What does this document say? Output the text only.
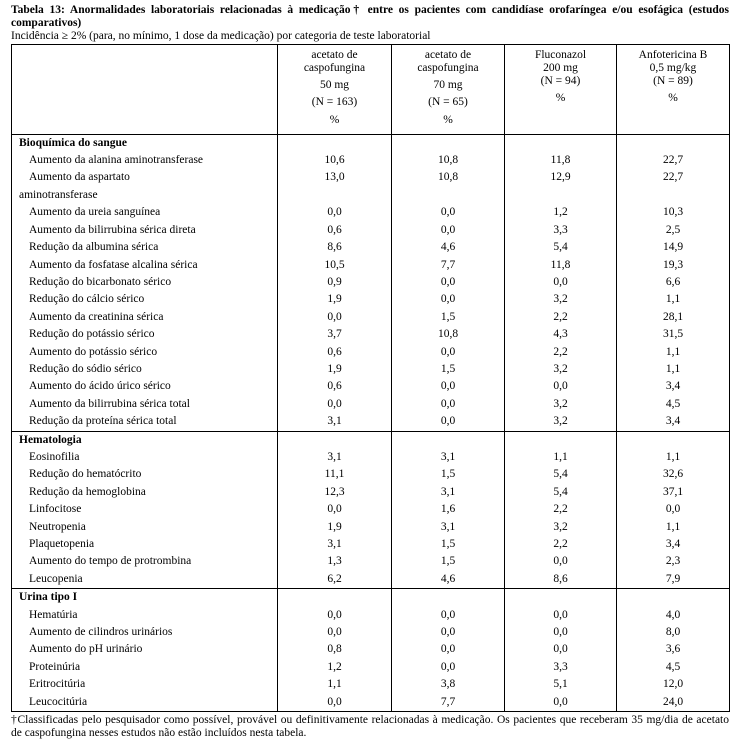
Tabela 13: Anormalidades laboratoriais relacionadas à medicação† entre os pacientes com candidíase orofaríngea e/ou esofágica (estudos comparativos)

Incidência ≥ 2% (para, no mínimo, 1 dose da medicação) por categoria de teste laboratorial

	acetato de
caspofungina
50 mg
(N = 163)
%	acetato de
caspofungina
70 mg
(N = 65)
%	Fluconazol
200 mg
(N = 94)
%	Anfotericina B
0,5 mg/kg
(N = 89)
%

Bioquímica do sangue				
Aumento da alanina aminotransferase	10,6	10,8	11,8	22,7
Aumento da aspartato
aminotransferase	13,0	10,8	12,9	22,7
Aumento da ureia sanguínea	0,0	0,0	1,2	10,3
Aumento da bilirrubina sérica direta	0,6	0,0	3,3	2,5
Redução da albumina sérica	8,6	4,6	5,4	14,9
Aumento da fosfatase alcalina sérica	10,5	7,7	11,8	19,3
Redução do bicarbonato sérico	0,9	0,0	0,0	6,6
Redução do cálcio sérico	1,9	0,0	3,2	1,1
Aumento da creatinina sérica	0,0	1,5	2,2	28,1
Redução do potássio sérico	3,7	10,8	4,3	31,5
Aumento do potássio sérico	0,6	0,0	2,2	1,1
Redução do sódio sérico	1,9	1,5	3,2	1,1
Aumento do ácido úrico sérico	0,6	0,0	0,0	3,4
Aumento da bilirrubina sérica total	0,0	0,0	3,2	4,5
Redução da proteína sérica total	3,1	0,0	3,2	3,4
Hematologia				
Eosinofilia	3,1	3,1	1,1	1,1
Redução do hematócrito	11,1	1,5	5,4	32,6
Redução da hemoglobina	12,3	3,1	5,4	37,1
Linfocitose	0,0	1,6	2,2	0,0
Neutropenia	1,9	3,1	3,2	1,1
Plaquetopenia	3,1	1,5	2,2	3,4
Aumento do tempo de protrombina	1,3	1,5	0,0	2,3
Leucopenia	6,2	4,6	8,6	7,9
Urina tipo I				
Hematúria	0,0	0,0	0,0	4,0
Aumento de cilindros urinários	0,0	0,0	0,0	8,0
Aumento do pH urinário	0,8	0,0	0,0	3,6
Proteinúria	1,2	0,0	3,3	4,5
Eritrocitúria	1,1	3,8	5,1	12,0
Leucocitúria	0,0	7,7	0,0	24,0

†Classificadas pelo pesquisador como possível, provável ou definitivamente relacionadas à medicação. Os pacientes que receberam 35 mg/dia de acetato de caspofungina nesses estudos não estão incluídos nesta tabela.
